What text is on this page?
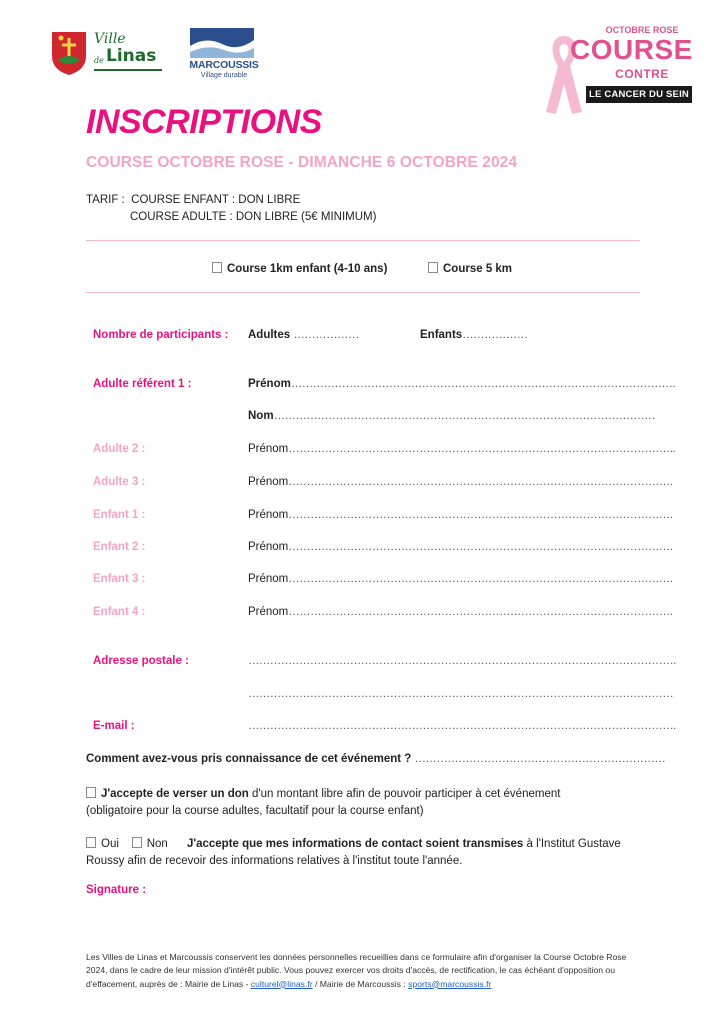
Ville
Linas
de	MARCOUSSIS
Village durable
OCTOBRE ROSE
COURSE
CONTRE
LE CANCER DU SEIN
INSCRIPTIONS
COURSE OCTOBRE ROSE - DIMANCHE 6 OCTOBRE 2024
TARIF :  COURSE ENFANT : DON LIBRE
COURSE ADULTE : DON LIBRE (5€ MINIMUM)
Course 1km enfant (4-10 ans)	Course 5 km
Nombre de participants : Adultes ………………	Enfants………………
Adulte référent 1 :	Prénom…………………………………………………………………………………………….
Nom……………………………………………………………………………………………
Adulte 2 :	Prénom……………………………………………………………………………………………..
Adulte 3 :	Prénom…………………………………………………………………………………………….
Enfant 1 :	Prénom…………………………………………………………………………………………….
Enfant 2 :	Prénom…………………………………………………………………………………………….
Enfant 3 :	Prénom…………………………………………………………………………………………….
Enfant 4 :	Prénom…………………………………………………………………………………………….
Adresse postale :	……………………………………………………………………………………………………….
………………………………………………………………………………………………………
E-mail :	……………………………………………………………………………………………………….
Comment avez-vous pris connaissance de cet événement ? ……………………………………………………………
J'accepte de verser un don d'un montant libre afin de pouvoir participer à cet événement
(obligatoire pour la course adultes, facultatif pour la course enfant)
Oui Non J'accepte que mes informations de contact soient transmises à l'Institut Gustave
Roussy afin de recevoir des informations relatives à l'institut toute l'année.
Signature :
Les Villes de Linas et Marcoussis conservent les données personnelles recueillies dans ce formulaire afin d'organiser la Course Octobre Rose 2024, dans le cadre de leur mission d'intérêt public. Vous pouvez exercer vos droits d'accès, de rectification, le cas échéant d'opposition ou d'effacement, auprès de : Mairie de Linas - culturel@linas.fr / Mairie de Marcoussis : sports@marcoussis.fr
